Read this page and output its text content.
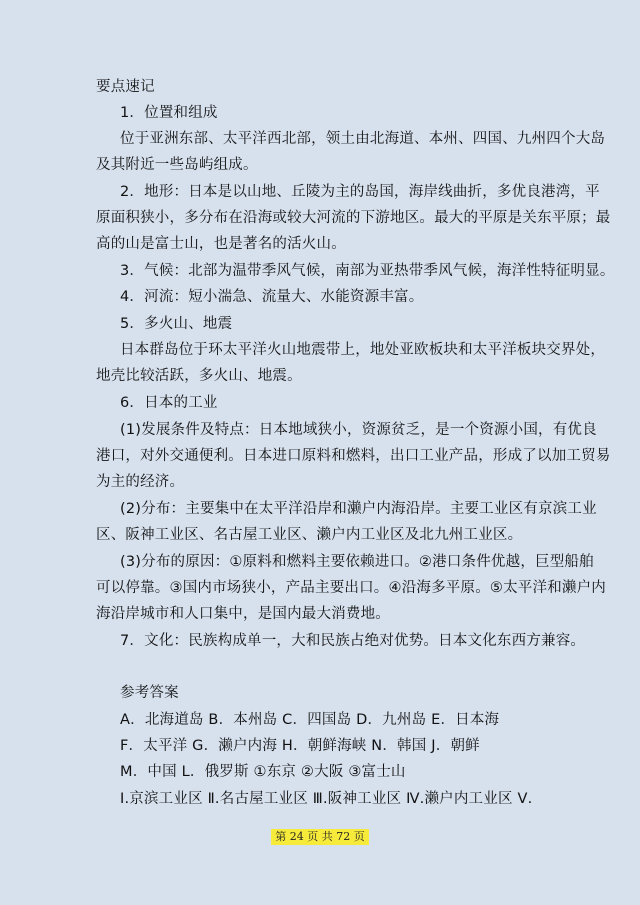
要点速记
1．位置和组成
位于亚洲东部、太平洋西北部，领土由北海道、本州、四国、九州四个大岛
及其附近一些岛屿组成。
2．地形：日本是以山地、丘陵为主的岛国，海岸线曲折，多优良港湾，平
原面积狭小，多分布在沿海或较大河流的下游地区。最大的平原是关东平原；最
高的山是富士山，也是著名的活火山。
3．气候：北部为温带季风气候，南部为亚热带季风气候，海洋性特征明显。
4．河流：短小湍急、流量大、水能资源丰富。
5．多火山、地震
日本群岛位于环太平洋火山地震带上，地处亚欧板块和太平洋板块交界处，
地壳比较活跃，多火山、地震。
6．日本的工业
(1)发展条件及特点：日本地域狭小，资源贫乏，是一个资源小国，有优良
港口，对外交通便利。日本进口原料和燃料，出口工业产品，形成了以加工贸易
为主的经济。
(2)分布：主要集中在太平洋沿岸和濑户内海沿岸。主要工业区有京滨工业
区、阪神工业区、名古屋工业区、濑户内工业区及北九州工业区。
(3)分布的原因：①原料和燃料主要依赖进口。②港口条件优越，巨型船舶
可以停靠。③国内市场狭小，产品主要出口。④沿海多平原。⑤太平洋和濑户内
海沿岸城市和人口集中，是国内最大消费地。
7．文化：民族构成单一，大和民族占绝对优势。日本文化东西方兼容。
参考答案
A．北海道岛 B．本州岛 C．四国岛 D．九州岛 E．日本海
F．太平洋 G．濑户内海 H．朝鲜海峡 N．韩国 J．朝鲜
M．中国 L．俄罗斯 ①东京 ②大阪 ③富士山
Ⅰ.京滨工业区 Ⅱ.名古屋工业区 Ⅲ.阪神工业区 Ⅳ.濑户内工业区 Ⅴ.
第 24 页 共 72 页
